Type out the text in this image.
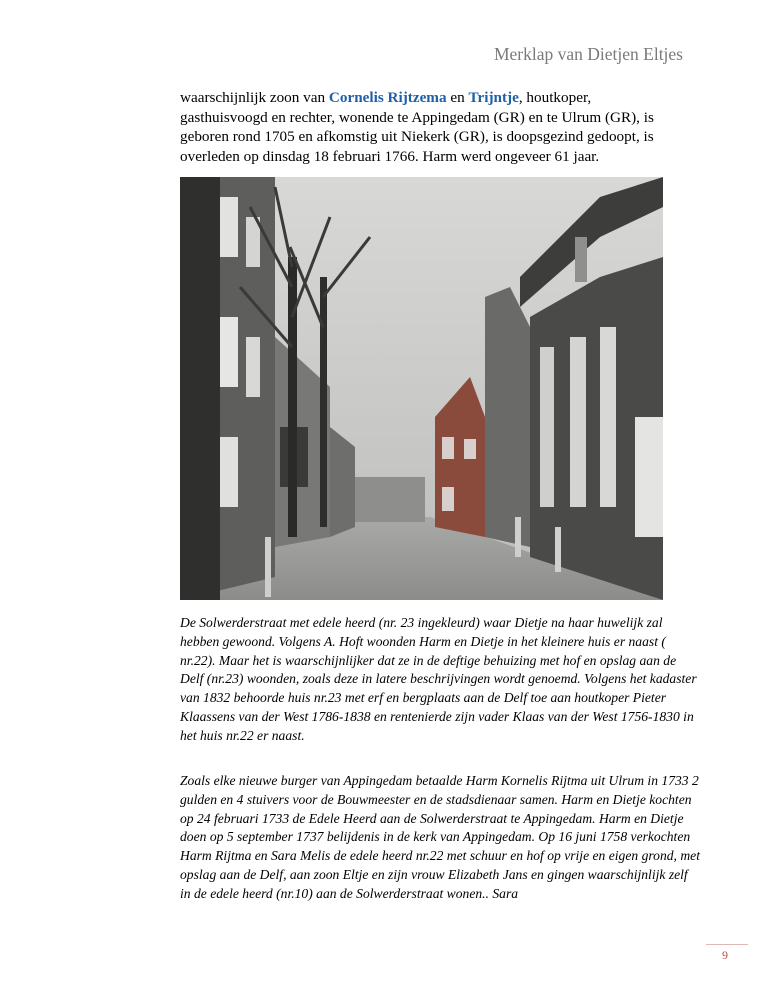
Merklap van Dietjen Eltjes
waarschijnlijk zoon van Cornelis Rijtzema en Trijntje, houtkoper, gasthuisvoogd en rechter, wonende te Appingedam (GR) en te Ulrum (GR), is geboren rond 1705 en afkomstig uit Niekerk (GR), is doopsgezind gedoopt, is overleden op dinsdag 18 februari 1766. Harm werd ongeveer 61 jaar.
De Solwerderstraat met edele heerd (nr. 23 ingekleurd) waar Dietje na haar huwelijk zal hebben gewoond. Volgens A. Hoft woonden Harm en Dietje in het kleinere huis er naast ( nr.22). Maar het is waarschijnlijker dat ze in de deftige behuizing met hof en opslag aan de Delf (nr.23) woonden, zoals deze in latere beschrijvingen wordt genoemd. Volgens het kadaster van 1832 behoorde huis nr.23 met erf en bergplaats aan de Delf toe aan houtkoper Pieter Klaassens van der West 1786-1838 en rentenierde zijn vader Klaas van der West 1756-1830 in het huis nr.22 er naast.
Zoals elke nieuwe burger van Appingedam betaalde Harm Kornelis Rijtma uit Ulrum in 1733 2 gulden en 4 stuivers voor de Bouwmeester en de stadsdienaar samen. Harm en Dietje kochten op 24 februari 1733 de Edele Heerd aan de Solwerderstraat te Appingedam. Harm en Dietje doen op 5 september 1737 belijdenis in de kerk van Appingedam. Op 16 juni 1758 verkochten Harm Rijtma en Sara Melis de edele heerd nr.22 met schuur en hof op vrije en eigen grond, met opslag aan de Delf, aan zoon Eltje en zijn vrouw Elizabeth Jans en gingen waarschijnlijk zelf in de edele heerd (nr.10) aan de Solwerderstraat wonen.. Sara
9
